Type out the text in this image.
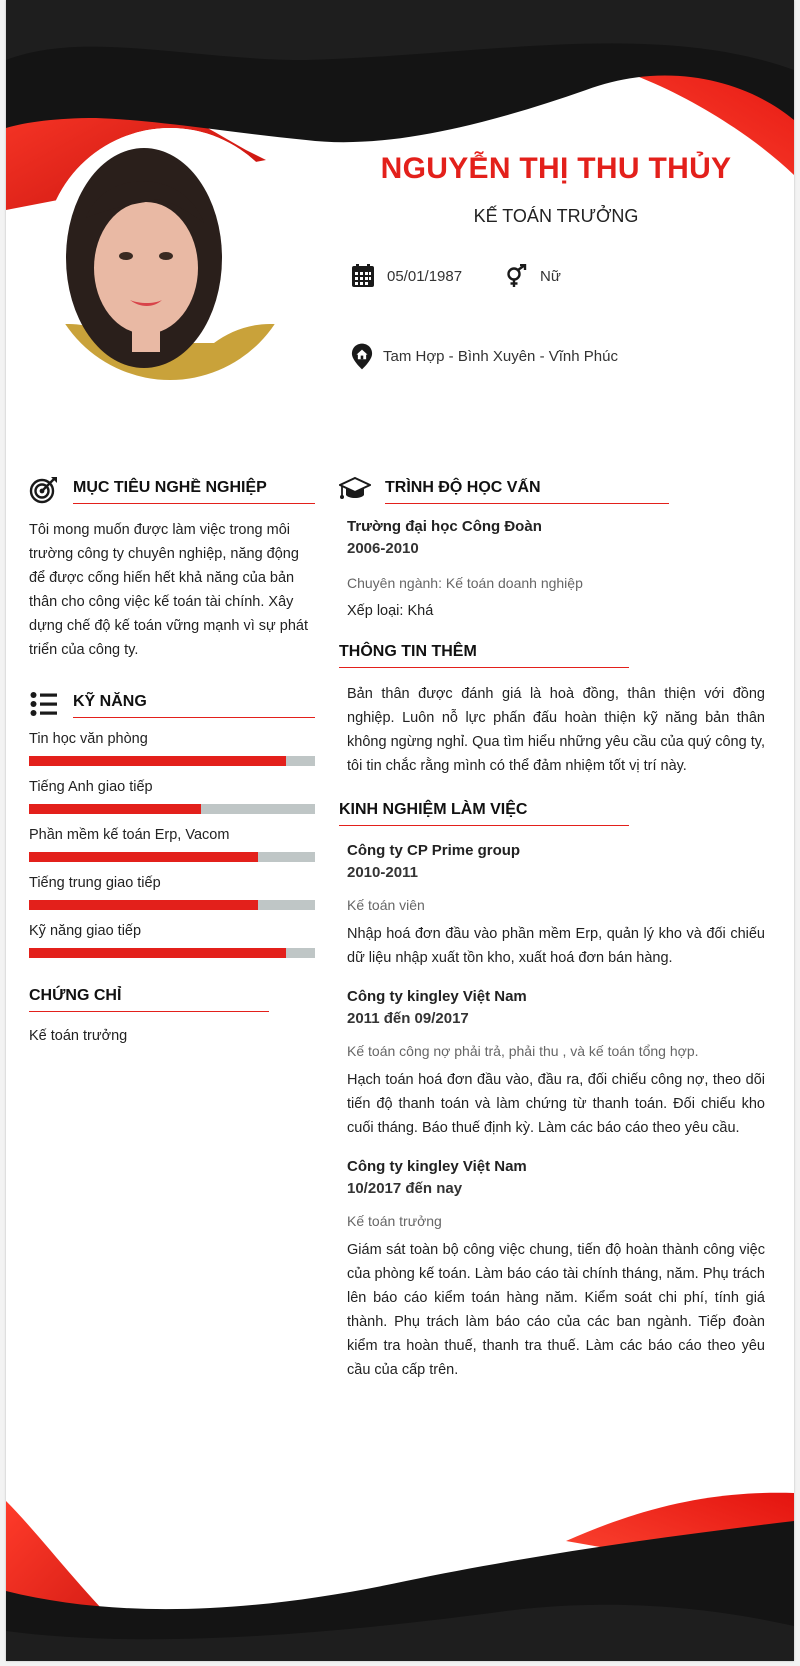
NGUYỄN THỊ THU THỦY

KẾ TOÁN TRƯỞNG

05/01/1987	Nữ
Tam Hợp - Bình Xuyên - Vĩnh Phúc
MỤC TIÊU NGHỀ NGHIỆP

Tôi mong muốn được làm việc trong môi trường công ty chuyên nghiệp, năng động để được cống hiến hết khả năng của bản thân cho công việc kế toán tài chính. Xây dựng chế độ kế toán vững mạnh vì sự phát triển của công ty.

KỸ NĂNG
Tin học văn phòng
Tiếng Anh giao tiếp
Phần mềm kế toán Erp, Vacom
Tiếng trung giao tiếp
Kỹ năng giao tiếp
CHỨNG CHỈ

Kế toán trưởng

TRÌNH ĐỘ HỌC VẤN

Trường đại học Công Đoàn

2006-2010

Chuyên ngành: Kế toán doanh nghiệp

Xếp loại: Khá

THÔNG TIN THÊM

Bản thân được đánh giá là hoà đồng, thân thiện với đồng nghiệp. Luôn nỗ lực phấn đấu hoàn thiện kỹ năng bản thân không ngừng nghỉ. Qua tìm hiểu những yêu cầu của quý công ty, tôi tin chắc rằng mình có thể đảm nhiệm tốt vị trí này.

KINH NGHIỆM LÀM VIỆC

Công ty CP Prime group

2010-2011

Kế toán viên

Nhập hoá đơn đầu vào phần mềm Erp, quản lý kho và đối chiếu dữ liệu nhập xuất tồn kho, xuất hoá đơn bán hàng.

Công ty kingley Việt Nam

2011 đến 09/2017

Kế toán công nợ phải trả, phải thu , và kế toán tổng hợp.

Hạch toán hoá đơn đầu vào, đầu ra, đối chiếu công nợ, theo dõi tiến độ thanh toán và làm chứng từ thanh toán. Đối chiếu kho cuối tháng. Báo thuế định kỳ. Làm các báo cáo theo yêu cầu.

Công ty kingley Việt Nam

10/2017 đến nay

Kế toán trưởng

Giám sát toàn bộ công việc chung, tiến độ hoàn thành công việc của phòng kế toán. Làm báo cáo tài chính tháng, năm. Phụ trách lên báo cáo kiểm toán hàng năm. Kiểm soát chi phí, tính giá thành. Phụ trách làm báo cáo của các ban ngành. Tiếp đoàn kiểm tra hoàn thuế, thanh tra thuế. Làm các báo cáo theo yêu cầu của cấp trên.
